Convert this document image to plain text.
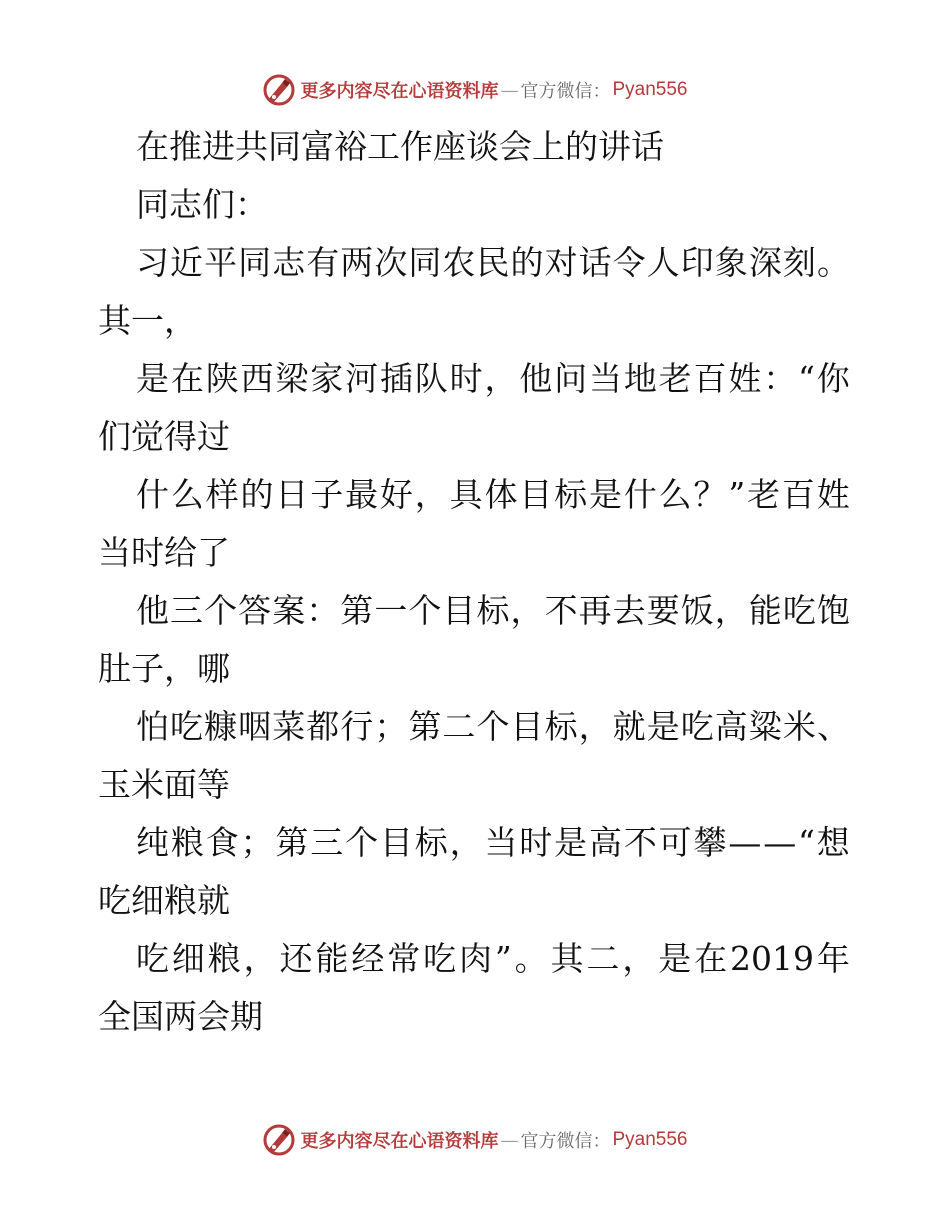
更多内容尽在心语资料库 — 官方微信： Pyan556
在推进共同富裕工作座谈会上的讲话
同志们：
习 近 平 同 志 有 两 次 同 农 民 的 对 话 令 人 印 象 深 刻 。
其一，
是 在 陕 西 梁 家 河 插 队 时 ， 他 问 当 地 老 百 姓 ： “ 你
们觉得过
什 么 样 的 日 子 最 好 ， 具 体 目 标 是 什 么 ？ ” 老 百 姓
当时给了
他 三 个 答 案 ： 第 一 个 目 标 ， 不 再 去 要 饭 ， 能 吃 饱
肚子，哪
怕 吃 糠 咽 菜 都 行 ； 第 二 个 目 标 ， 就 是 吃 高 粱 米 、
玉米面等
纯 粮 食 ； 第 三 个 目 标 ， 当 时 是 高 不 可 攀 — — “ 想
吃细粮就
吃 细 粮 ， 还 能 经 常 吃 肉 ” 。 其 二 ， 是 在 2019 年
全国两会期
更多内容尽在心语资料库 — 官方微信： Pyan556
